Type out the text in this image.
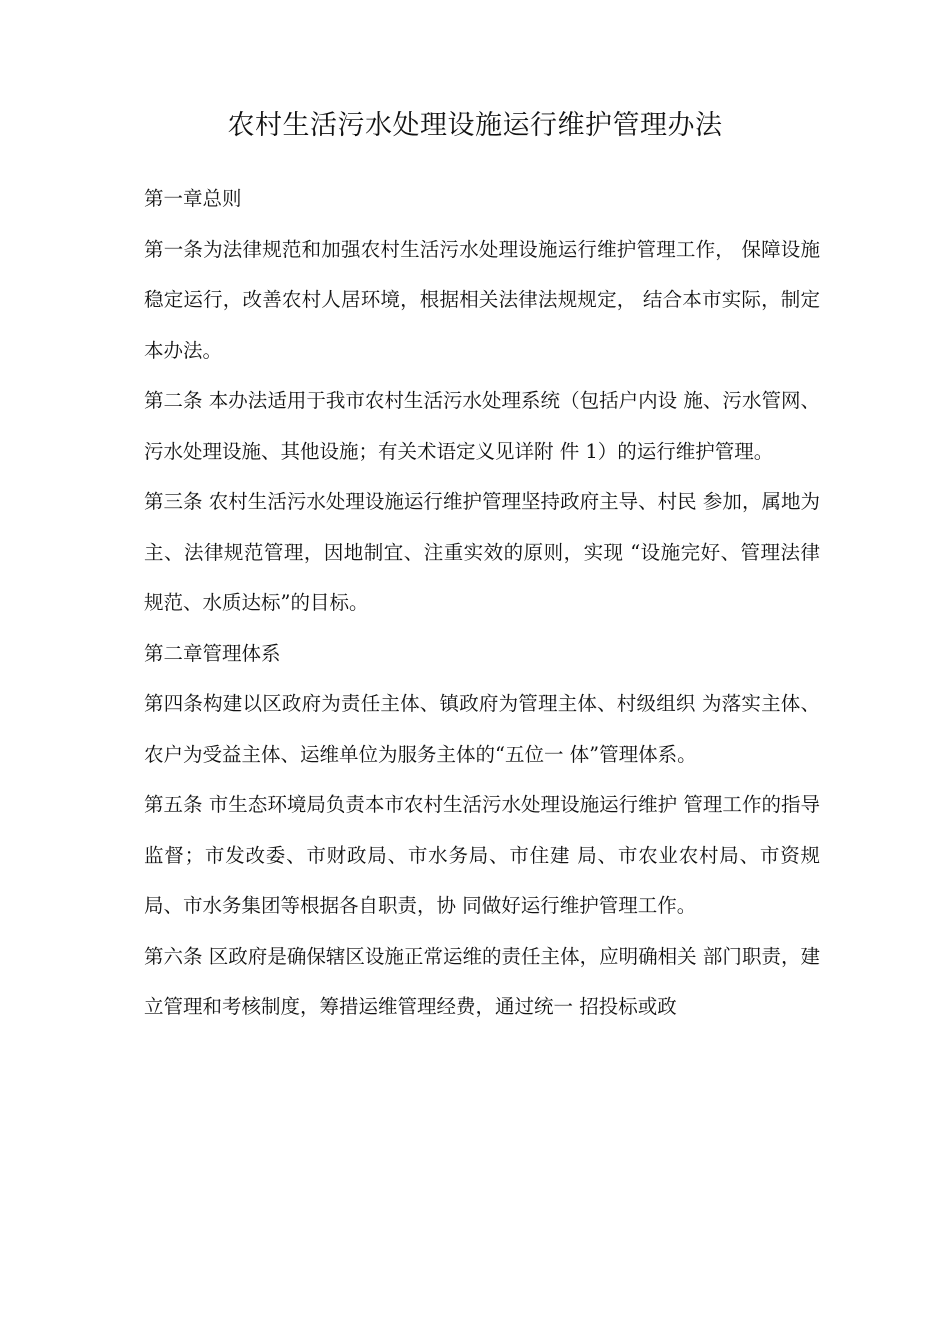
农村生活污水处理设施运行维护管理办法

第一章总则

第一条为法律规范和加强农村生活污水处理设施运行维护管理工作， 保障设施稳定运行，改善农村人居环境，根据相关法律法规规定， 结合本市实际，制定本办法。

第二条 本办法适用于我市农村生活污水处理系统（包括户内设 施、污水管网、污水处理设施、其他设施；有关术语定义见详附 件 1）的运行维护管理。

第三条 农村生活污水处理设施运行维护管理坚持政府主导、村民 参加，属地为主、法律规范管理，因地制宜、注重实效的原则，实现 “设施完好、管理法律规范、水质达标”的目标。

第二章管理体系

第四条构建以区政府为责任主体、镇政府为管理主体、村级组织 为落实主体、农户为受益主体、运维单位为服务主体的“五位一 体”管理体系。

第五条 市生态环境局负责本市农村生活污水处理设施运行维护 管理工作的指导监督；市发改委、市财政局、市水务局、市住建 局、市农业农村局、市资规局、市水务集团等根据各自职责，协 同做好运行维护管理工作。

第六条 区政府是确保辖区设施正常运维的责任主体，应明确相关 部门职责，建立管理和考核制度，筹措运维管理经费，通过统一 招投标或政
